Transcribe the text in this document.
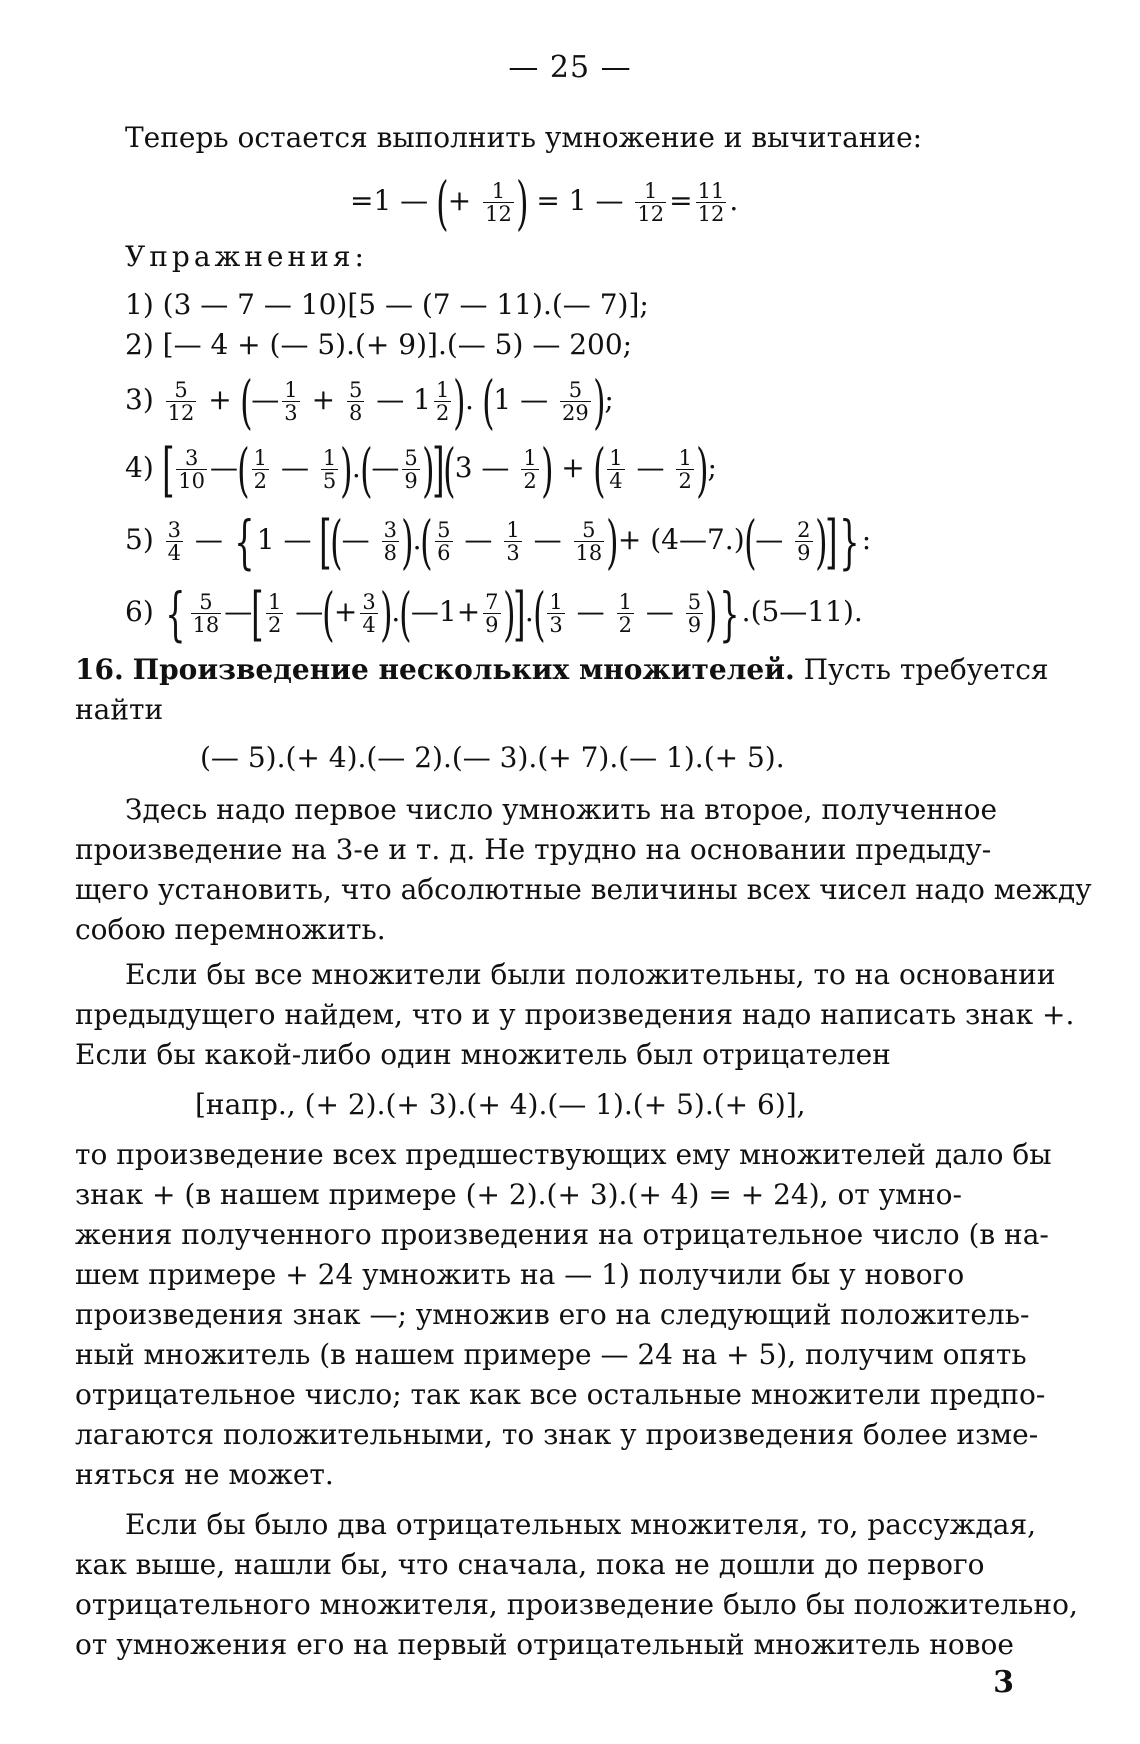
— 25 —
Теперь остается выполнить умножение и вычитание:
=1 — (+ $\frac{1}{12}$ ) = 1 — $\frac{1}{12} = \frac{11}{12}$ .
Упражнения:
1) (3 — 7 — 10)[5 — (7 — 11).(— 7)];
2) [— 4 + (— 5).(+ 9)].(— 5) — 200;
$3) \frac{5}{12}$ + (— $\frac{1}{3} + \frac{5}{8}$ — $1 \frac{1}{2}$ ). (1 — $\frac{5}{29}$ );
4) [ $\frac{3}{10}$ —( $\frac{1}{2}$ — $\frac{1}{5}$ ).(— $\frac{5}{9} )](3$ — $\frac{1}{2}$ ) + ( $\frac{1}{4}$ — $\frac{1}{2}$ );
$5) \frac{3}{4}$ — {1 — [(— $\frac{3}{8}$ ).( $\frac{5}{6}$ — $\frac{1}{3}$ — $\frac{5}{18}$ )+ (4—7.)(— $\frac{2}{9}$ )]}:
6) { $\frac{5}{18}$ —[ $\frac{1}{2}$ —(+ $\frac{3}{4}$ ).(—1+ $\frac{7}{9}$ )].( $\frac{1}{3}$ — $\frac{1}{2}$ — $\frac{5}{9}$ )}.(5—11).
16. Произведение нескольких множителей. Пусть требуется
найти
(— 5).(+ 4).(— 2).(— 3).(+ 7).(— 1).(+ 5).
Здесь надо первое число умножить на второе, полученное
произведение на 3-е и т. д. Не трудно на основании предыду-
щего установить, что абсолютные величины всех чисел надо между
собою перемножить.
Если бы все множители были положительны, то на основании
предыдущего найдем, что и у произведения надо написать знак +.
Если бы какой-либо один множитель был отрицателен
[напр., (+ 2).(+ 3).(+ 4).(— 1).(+ 5).(+ 6)],
то произведение всех предшествующих ему множителей дало бы
знак + (в нашем примере (+ 2).(+ 3).(+ 4) = + 24), от умно-
жения полученного произведения на отрицательное число (в на-
шем примере + 24 умножить на — 1) получили бы у нового
произведения знак —; умножив его на следующий положитель-
ный множитель (в нашем примере — 24 на + 5), получим опять
отрицательное число; так как все остальные множители предпо-
лагаются положительными, то знак у произведения более изме-
няться не может.
Если бы было два отрицательных множителя, то, рассуждая,
как выше, нашли бы, что сначала, пока не дошли до первого
отрицательного множителя, произведение было бы положительно,
от умножения его на первый отрицательный множитель новое
3
